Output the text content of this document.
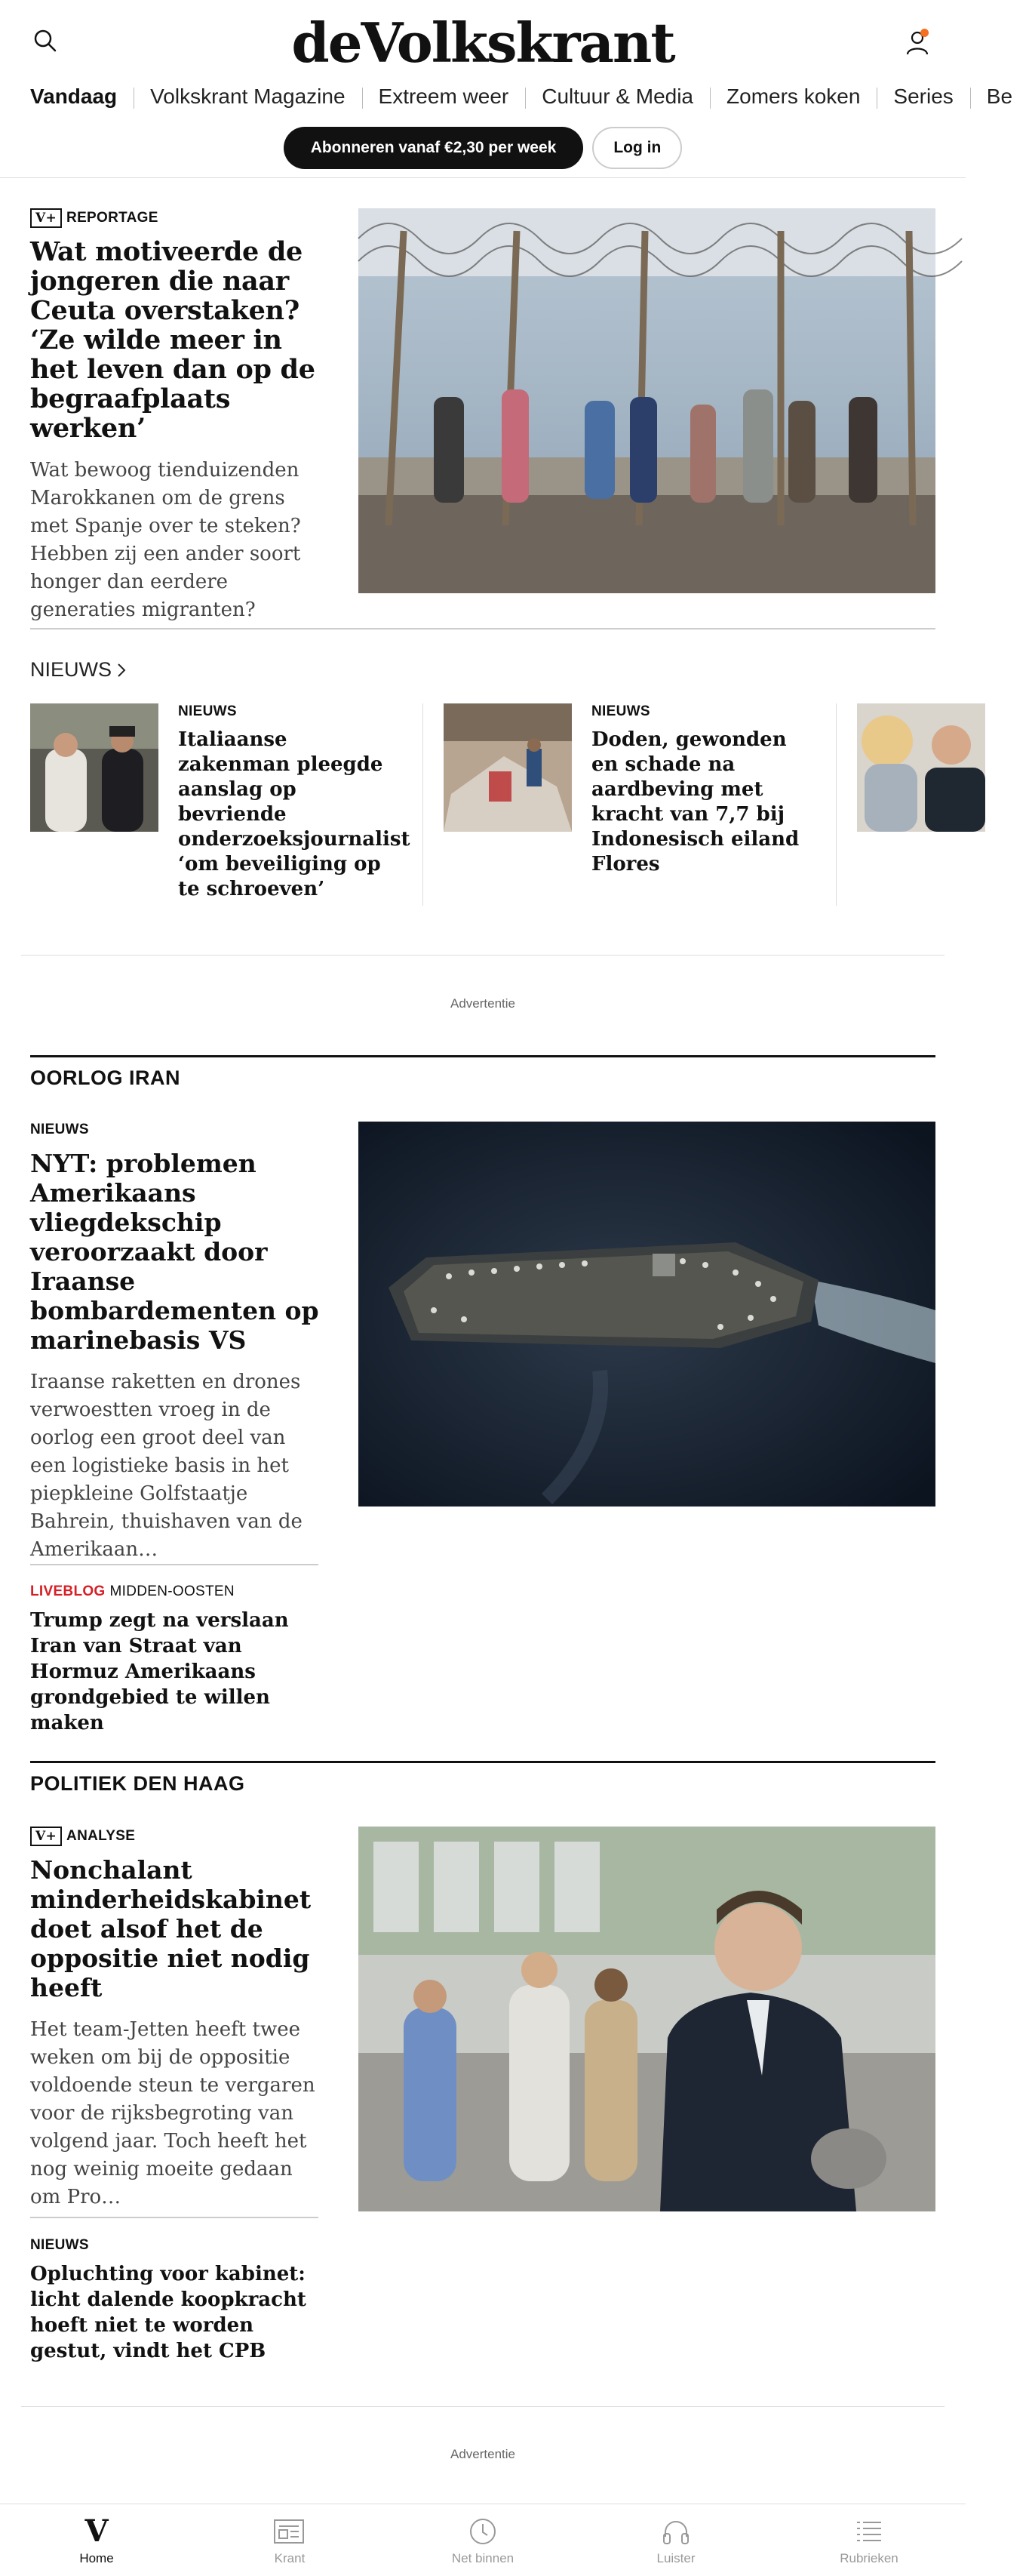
deVolkskrant
Vandaag	Volkskrant Magazine	Extreem weer	Cultuur & Media	Zomers koken	Series	Be
Abonneren vanaf €2,30 per week	Log in
V+ REPORTAGE
Wat motiveerde de jongeren die naar Ceuta overstaken? ‘Ze wilde meer in het leven dan op de begraafplaats werken’
Wat bewoog tienduizenden Marokkanen om de grens met Spanje over te steken? Hebben zij een ander soort honger dan eerdere generaties migranten?
NIEUWS
NIEUWS
Italiaanse zakenman pleegde aanslag op bevriende onderzoeksjournalist ‘om beveiliging op te schroeven’
NIEUWS
Doden, gewonden en schade na aardbeving met kracht van 7,7 bij Indonesisch eiland Flores
Advertentie
OORLOG IRAN
NIEUWS
NYT: problemen Amerikaans vliegdekschip veroorzaakt door Iraanse bombardementen op marinebasis VS
Iraanse raketten en drones verwoestten vroeg in de oorlog een groot deel van een logistieke basis in het piepkleine Golfstaatje Bahrein, thuishaven van de Amerikaan…
LIVEBLOG MIDDEN-OOSTEN
Trump zegt na verslaan Iran van Straat van Hormuz Amerikaans grondgebied te willen maken
POLITIEK DEN HAAG
V+ ANALYSE
Nonchalant minderheidskabinet doet alsof het de oppositie niet nodig heeft
Het team-Jetten heeft twee weken om bij de oppositie voldoende steun te vergaren voor de rijksbegroting van volgend jaar. Toch heeft het nog weinig moeite gedaan om Pro…
NIEUWS
Opluchting voor kabinet: licht dalende koopkracht hoeft niet te worden gestut, vindt het CPB
Advertentie
V
Home	Krant	Net binnen	Luister	Rubrieken
